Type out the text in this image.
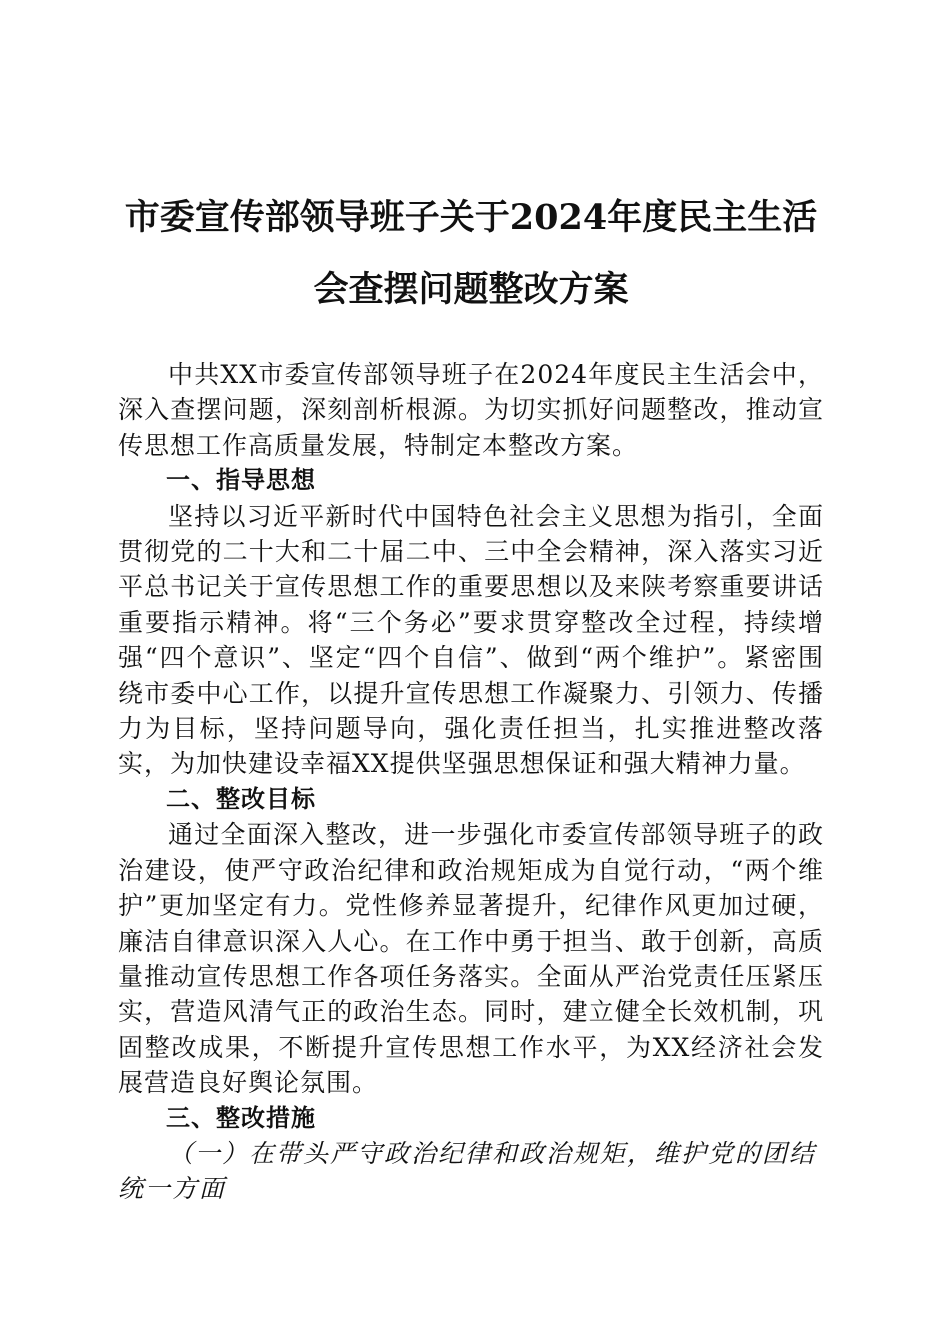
市委宣传部领导班子关于2024年度民主生活
会查摆问题整改方案

中共XX市委宣传部领导班子在2024年度民主生活会中，深入查摆问题，深刻剖析根源。为切实抓好问题整改，推动宣传思想工作高质量发展，特制定本整改方案。

一、指导思想

坚持以习近平新时代中国特色社会主义思想为指引，全面贯彻党的二十大和二十届二中、三中全会精神，深入落实习近平总书记关于宣传思想工作的重要思想以及来陕考察重要讲话重要指示精神。将“三个务必”要求贯穿整改全过程，持续增强“四个意识”、坚定“四个自信”、做到“两个维护”。紧密围绕市委中心工作，以提升宣传思想工作凝聚力、引领力、传播力为目标，坚持问题导向，强化责任担当，扎实推进整改落实，为加快建设幸福XX提供坚强思想保证和强大精神力量。

二、整改目标

通过全面深入整改，进一步强化市委宣传部领导班子的政治建设，使严守政治纪律和政治规矩成为自觉行动，“两个维护”更加坚定有力。党性修养显著提升，纪律作风更加过硬，廉洁自律意识深入人心。在工作中勇于担当、敢于创新，高质量推动宣传思想工作各项任务落实。全面从严治党责任压紧压实，营造风清气正的政治生态。同时，建立健全长效机制，巩固整改成果，不断提升宣传思想工作水平，为XX经济社会发展营造良好舆论氛围。

三、整改措施

（一）在带头严守政治纪律和政治规矩，维护党的团结统一方面
